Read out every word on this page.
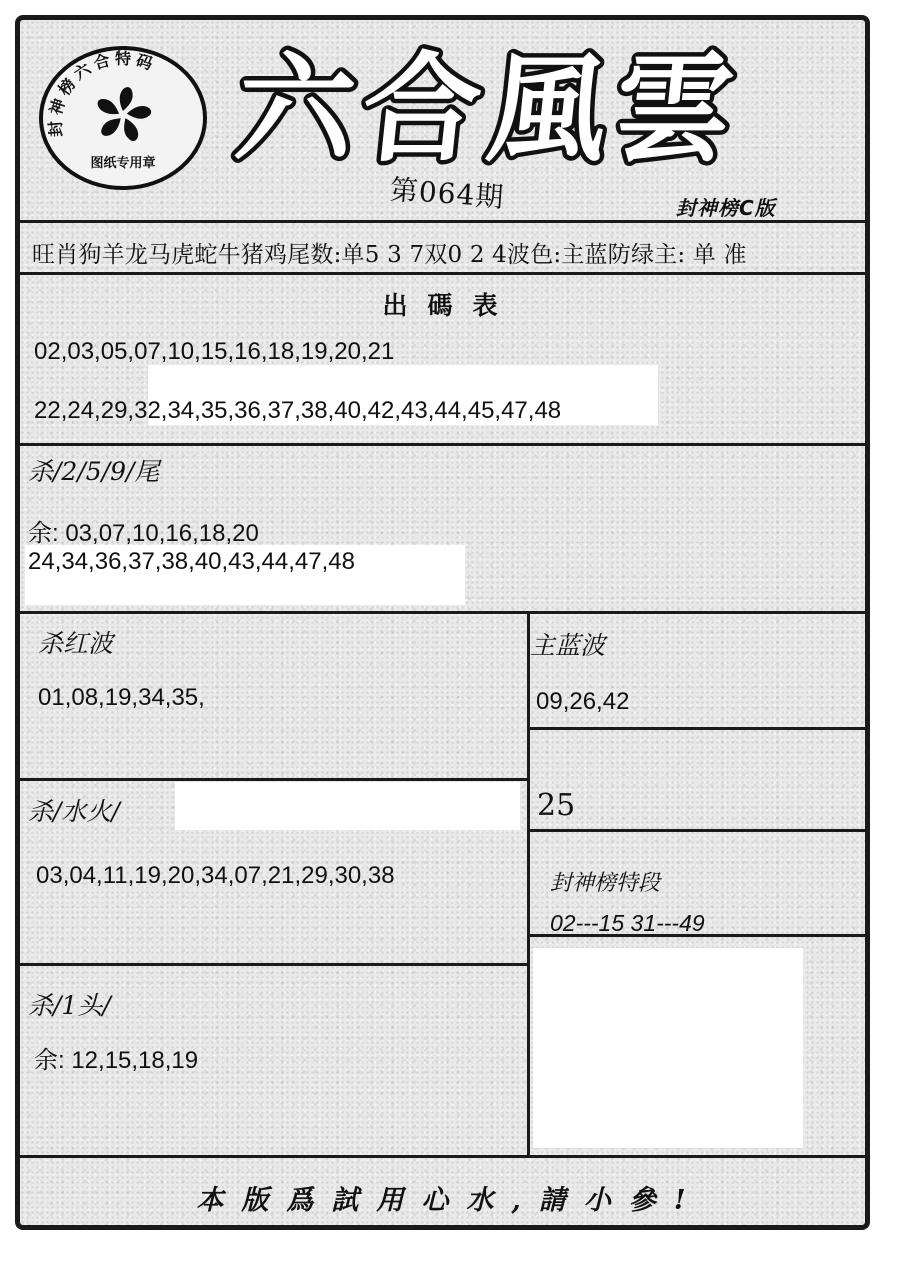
封神榜六合特码
图纸专用章 六合風雲
第064期	封神榜C版
旺肖狗羊龙马虎蛇牛猪鸡尾数:单5 3 7双0 2 4波色:主蓝防绿主: 单 准
出碼表
02,03,05,07,10,15,16,18,19,20,21
22,24,29,32,34,35,36,37,38,40,42,43,44,45,47,48
杀/2/5/9/尾
余: 03,07,10,16,18,20
24,34,36,37,38,40,43,44,47,48
杀红波
01,08,19,34,35,
主蓝波
09,26,42
25
杀/水火/
03,04,11,19,20,34,07,21,29,30,38	封神榜特段
02---15 31---49
杀/1头/
余: 12,15,18,19
本版爲試用心水,請小參!
